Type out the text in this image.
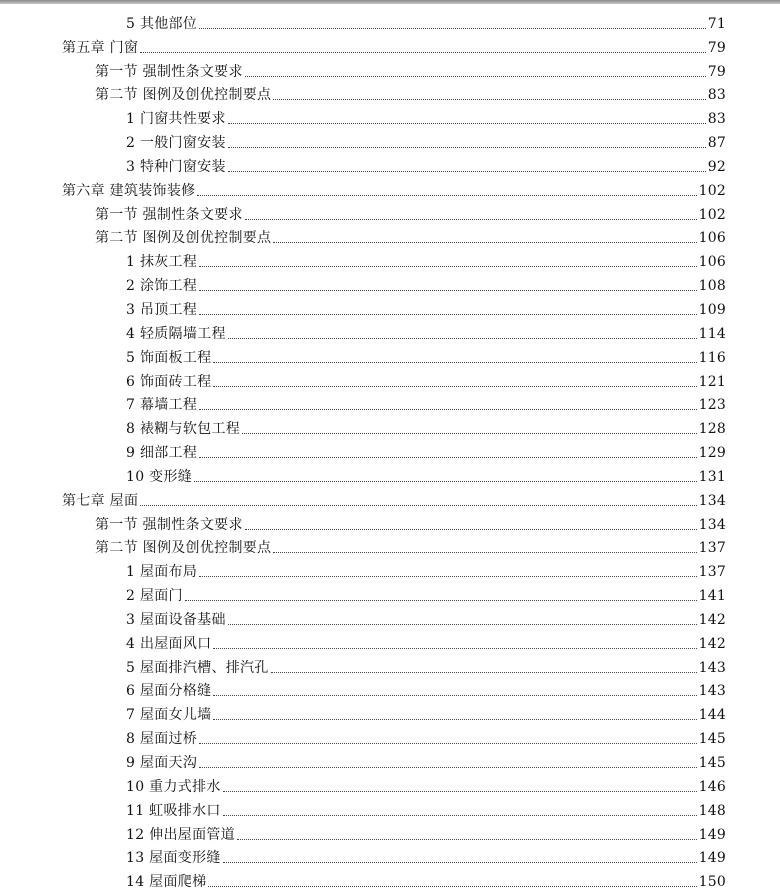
5 其他部位	71
第五章 门窗	79
第一节 强制性条文要求	79
第二节 图例及创优控制要点	83
1 门窗共性要求	83
2 一般门窗安装	87
3 特种门窗安装	92
第六章 建筑装饰装修	102
第一节 强制性条文要求	102
第二节 图例及创优控制要点	106
1 抹灰工程	106
2 涂饰工程	108
3 吊顶工程	109
4 轻质隔墙工程	114
5 饰面板工程	116
6 饰面砖工程	121
7 幕墙工程	123
8 裱糊与软包工程	128
9 细部工程	129
10 变形缝	131
第七章 屋面	134
第一节 强制性条文要求	134
第二节 图例及创优控制要点	137
1 屋面布局	137
2 屋面门	141
3 屋面设备基础	142
4 出屋面风口	142
5 屋面排汽槽、排汽孔	143
6 屋面分格缝	143
7 屋面女儿墙	144
8 屋面过桥	145
9 屋面天沟	145
10 重力式排水	146
11 虹吸排水口	148
12 伸出屋面管道	149
13 屋面变形缝	149
14 屋面爬梯	150
